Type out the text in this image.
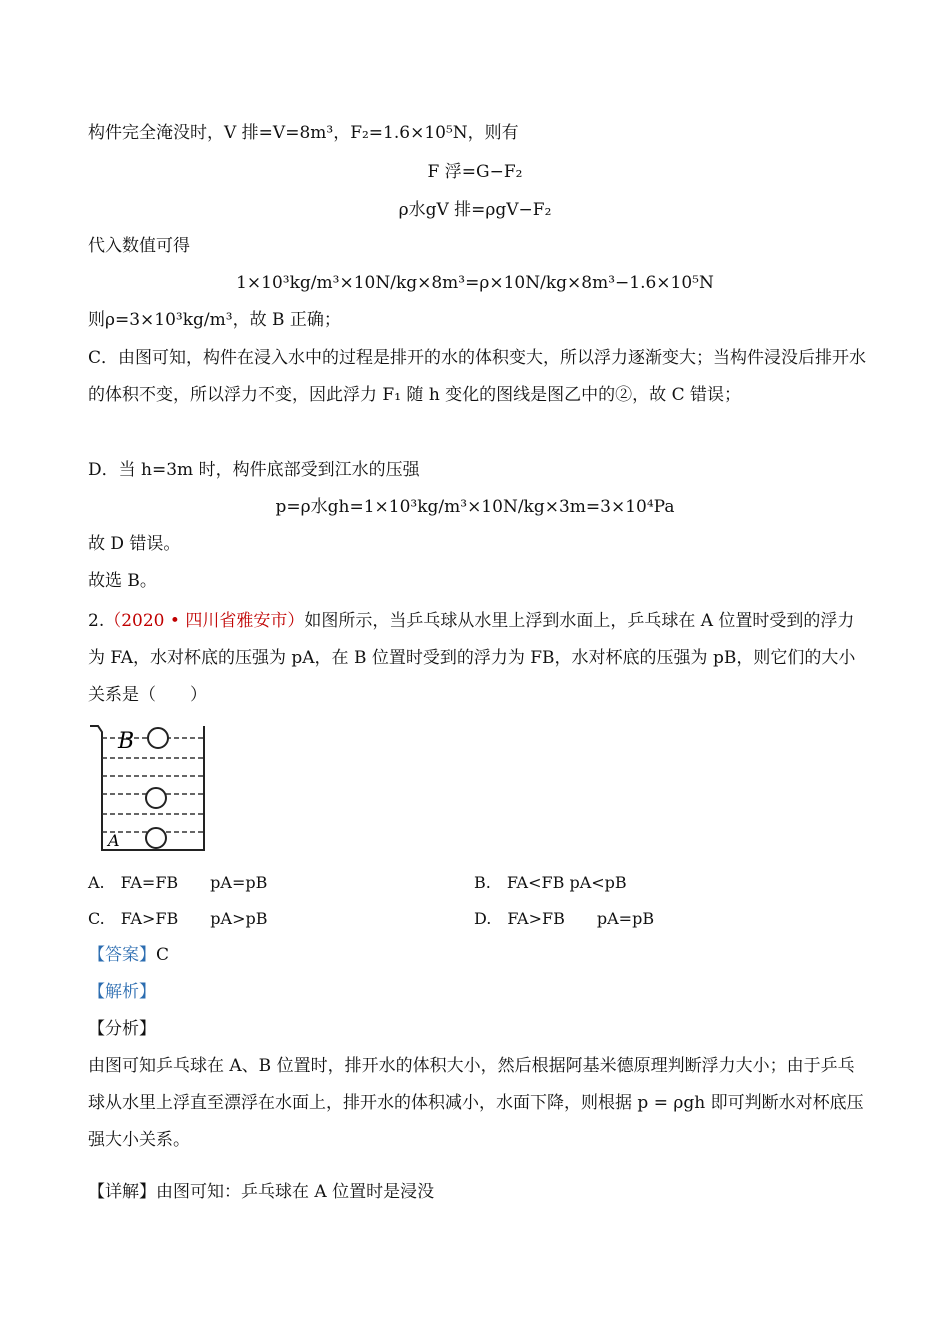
构件完全淹没时，V 排=V=8m³，F₂=1.6×10⁵N，则有
F 浮=G−F₂
ρ水gV 排=ρgV−F₂
代入数值可得
1×10³kg/m³×10N/kg×8m³=ρ×10N/kg×8m³−1.6×10⁵N
则ρ=3×10³kg/m³，故 B 正确；
C．由图可知，构件在浸入水中的过程是排开的水的体积变大，所以浮力逐渐变大；当构件浸没后排开水的体积不变，所以浮力不变，因此浮力 F₁ 随 h 变化的图线是图乙中的②，故 C 错误；
D．当 h=3m 时，构件底部受到江水的压强
p=ρ水gh=1×10³kg/m³×10N/kg×3m=3×10⁴Pa
故 D 错误。
故选 B。
2.（2020 • 四川省雅安市）如图所示，当乒乓球从水里上浮到水面上，乒乓球在 A 位置时受到的浮力为 FA，水对杯底的压强为 pA，在 B 位置时受到的浮力为 FB，水对杯底的压强为 pB，则它们的大小关系是（　　）
B
A
A.　FA=FB　　pA=pB	B.　FA<FB pA<pB
C.　FA>FB　　pA>pB	D.　FA>FB　　pA=pB
【答案】C
【解析】
【分析】
由图可知乒乓球在 A、B 位置时，排开水的体积大小，然后根据阿基米德原理判断浮力大小；由于乒乓球从水里上浮直至漂浮在水面上，排开水的体积减小，水面下降，则根据 p = ρgh 即可判断水对杯底压强大小关系。
【详解】由图可知：乒乓球在 A 位置时是浸没
